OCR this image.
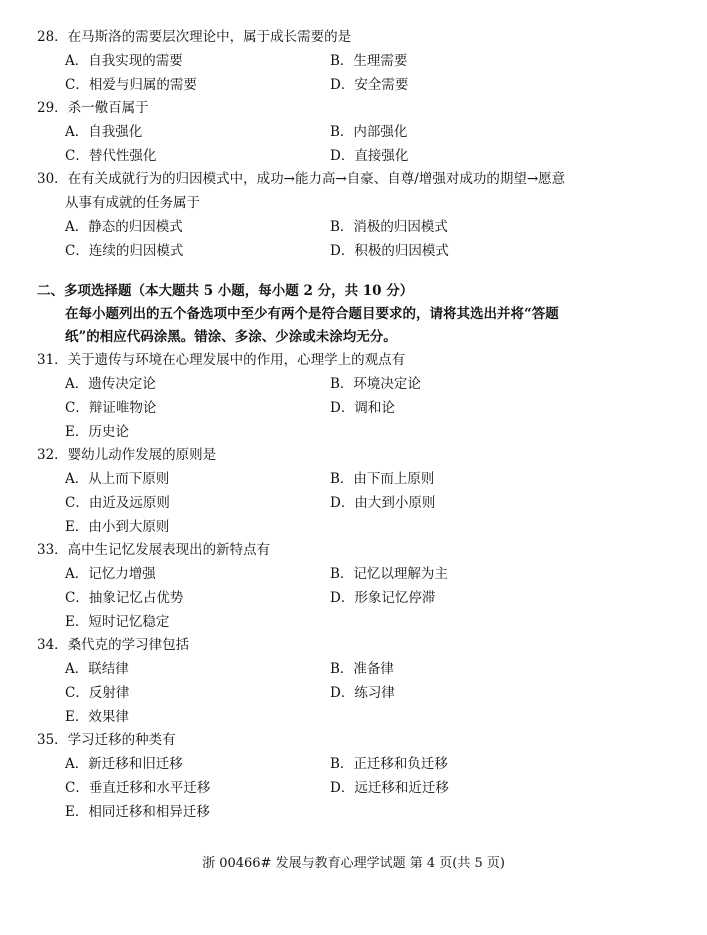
28．在马斯洛的需要层次理论中，属于成长需要的是
A．自我实现的需要	B．生理需要
C．相爱与归属的需要	D．安全需要
29．杀一儆百属于
A．自我强化	B．内部强化
C．替代性强化	D．直接强化
30．在有关成就行为的归因模式中，成功→能力高→自豪、自尊/增强对成功的期望→愿意
从事有成就的任务属于
A．静态的归因模式	B．消极的归因模式
C．连续的归因模式	D．积极的归因模式
二、多项选择题（本大题共 5 小题，每小题 2 分，共 10 分）
在每小题列出的五个备选项中至少有两个是符合题目要求的，请将其选出并将“答题
纸”的相应代码涂黑。错涂、多涂、少涂或未涂均无分。
31．关于遗传与环境在心理发展中的作用，心理学上的观点有
A．遗传决定论	B．环境决定论
C．辩证唯物论	D．调和论
E．历史论
32．婴幼儿动作发展的原则是
A．从上而下原则	B．由下而上原则
C．由近及远原则	D．由大到小原则
E．由小到大原则
33．高中生记忆发展表现出的新特点有
A．记忆力增强	B．记忆以理解为主
C．抽象记忆占优势	D．形象记忆停滞
E．短时记忆稳定
34．桑代克的学习律包括
A．联结律	B．准备律
C．反射律	D．练习律
E．效果律
35．学习迁移的种类有
A．新迁移和旧迁移	B．正迁移和负迁移
C．垂直迁移和水平迁移	D．远迁移和近迁移
E．相同迁移和相异迁移
浙 00466# 发展与教育心理学试题 第 4 页(共 5 页)
